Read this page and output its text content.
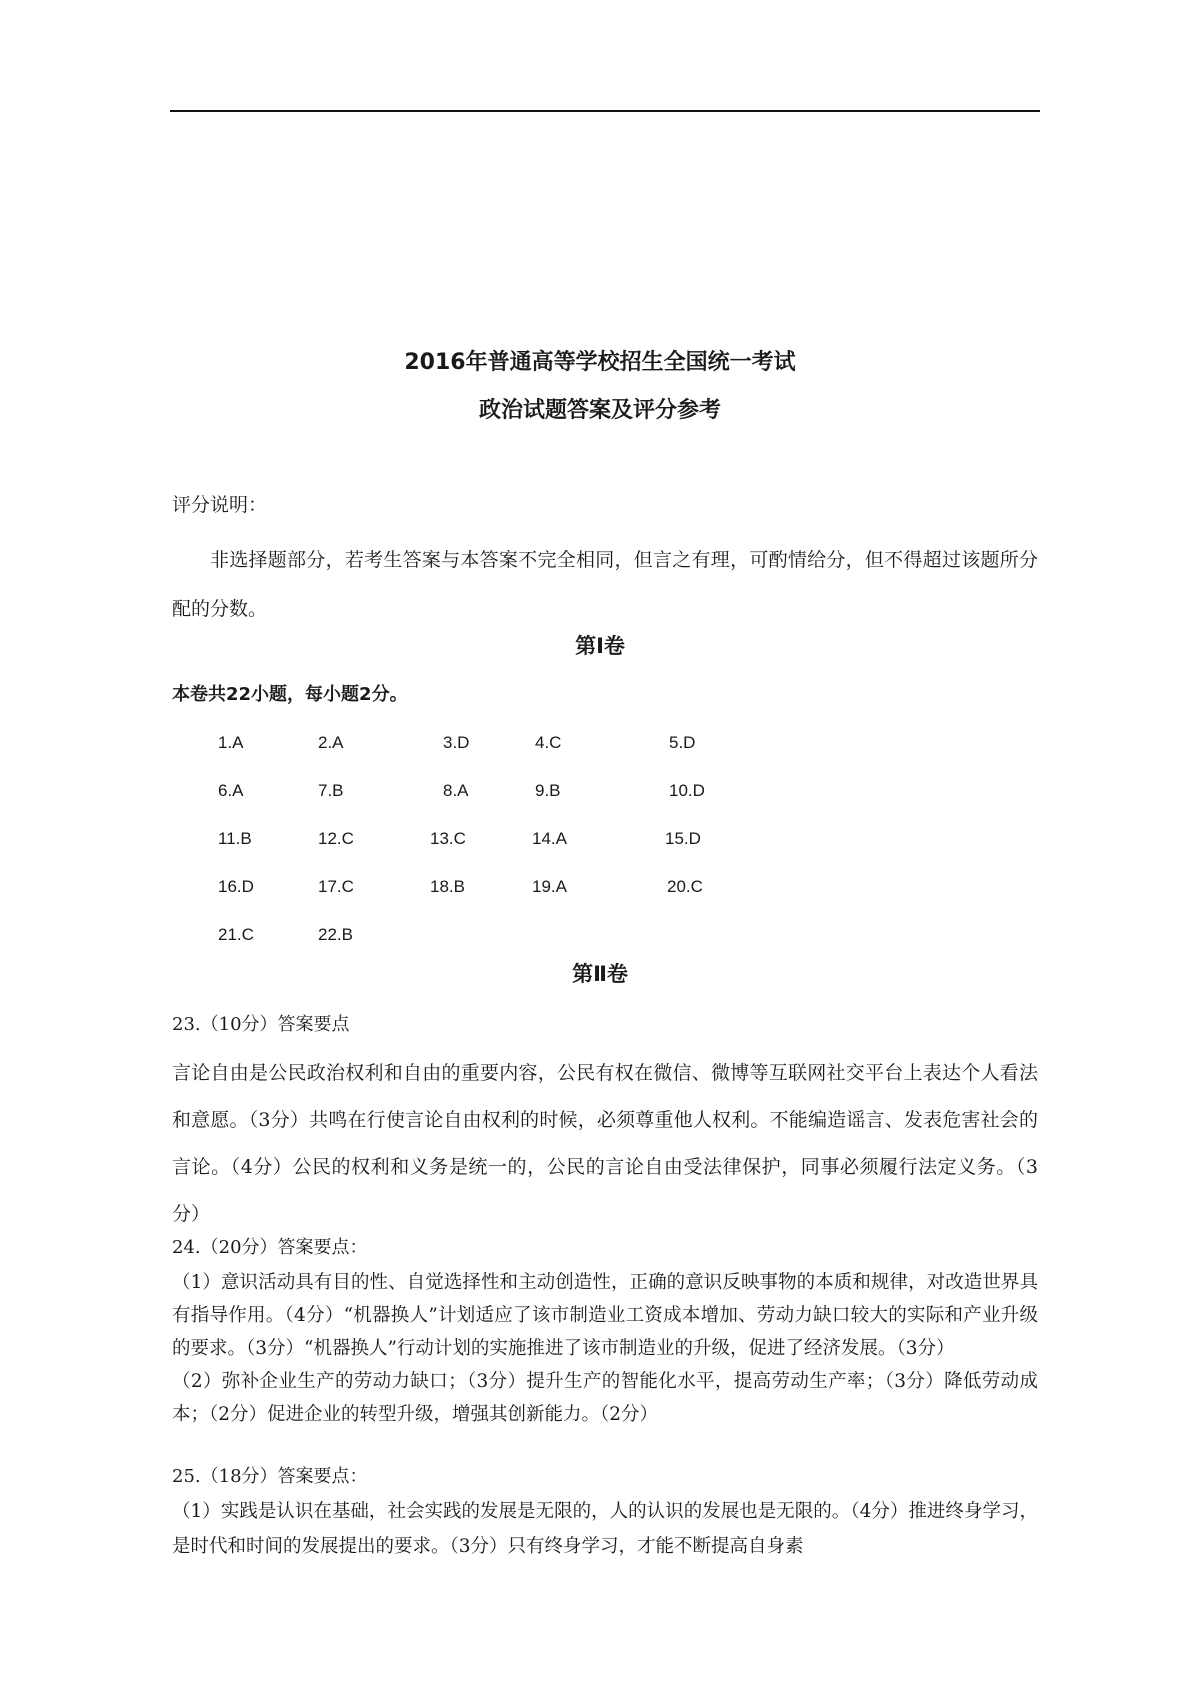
2016年普通高等学校招生全国统一考试
政治试题答案及评分参考
评分说明：
非选择题部分，若考生答案与本答案不完全相同，但言之有理，可酌情给分，但不得超过该题所分配的分数。
第Ⅰ卷
本卷共22小题，每小题2分。
1.A	2.A	3.D	4.C	5.D
6.A	7.B	8.A	9.B	10.D
11.B	12.C	13.C	14.A	15.D
16.D	17.C	18.B	19.A	20.C
21.C	22.B
第Ⅱ卷
23.（10分）答案要点
言论自由是公民政治权利和自由的重要内容，公民有权在微信、微博等互联网社交平台上表达个人看法和意愿。（3分）共鸣在行使言论自由权利的时候，必须尊重他人权利。不能编造谣言、发表危害社会的言论。（4分）公民的权利和义务是统一的，公民的言论自由受法律保护，同事必须履行法定义务。（3分）
24.（20分）答案要点：

（1）意识活动具有目的性、自觉选择性和主动创造性，正确的意识反映事物的本质和规律，对改造世界具有指导作用。（4分）“机器换人”计划适应了该市制造业工资成本增加、劳动力缺口较大的实际和产业升级的要求。（3分）“机器换人”行动计划的实施推进了该市制造业的升级，促进了经济发展。（3分）

（2）弥补企业生产的劳动力缺口；（3分）提升生产的智能化水平，提高劳动生产率；（3分）降低劳动成本；（2分）促进企业的转型升级，增强其创新能力。（2分）

25.（18分）答案要点：

（1）实践是认识在基础，社会实践的发展是无限的，人的认识的发展也是无限的。（4分）推进终身学习，是时代和时间的发展提出的要求。（3分）只有终身学习，才能不断提高自身素
